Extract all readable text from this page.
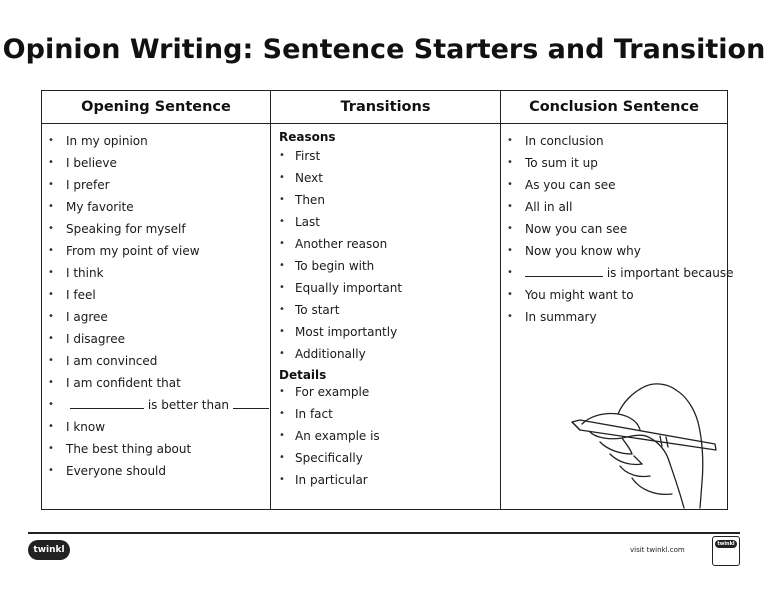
Opinion Writing: Sentence Starters and Transition
Opening Sentence
• In my opinion
• I believe
• I prefer
• My favorite
• Speaking for myself
• From my point of view
• I think
• I feel
• I agree
• I disagree
• I am convinced
• I am confident that
•	is better than
• I know
• The best thing about
• Everyone should
Transitions
Reasons
• First
• Next
• Then
• Last
• Another reason
• To begin with
• Equally important
• To start
• Most importantly
• Additionally
Details
• For example
• In fact
• An example is
• Specifically
• In particular
Conclusion Sentence
• In conclusion
• To sum it up
• As you can see
• All in all
• Now you can see
• Now you know why
•	is important because
• You might want to
• In summary
twinkl	visit twinkl.com
twinkl
